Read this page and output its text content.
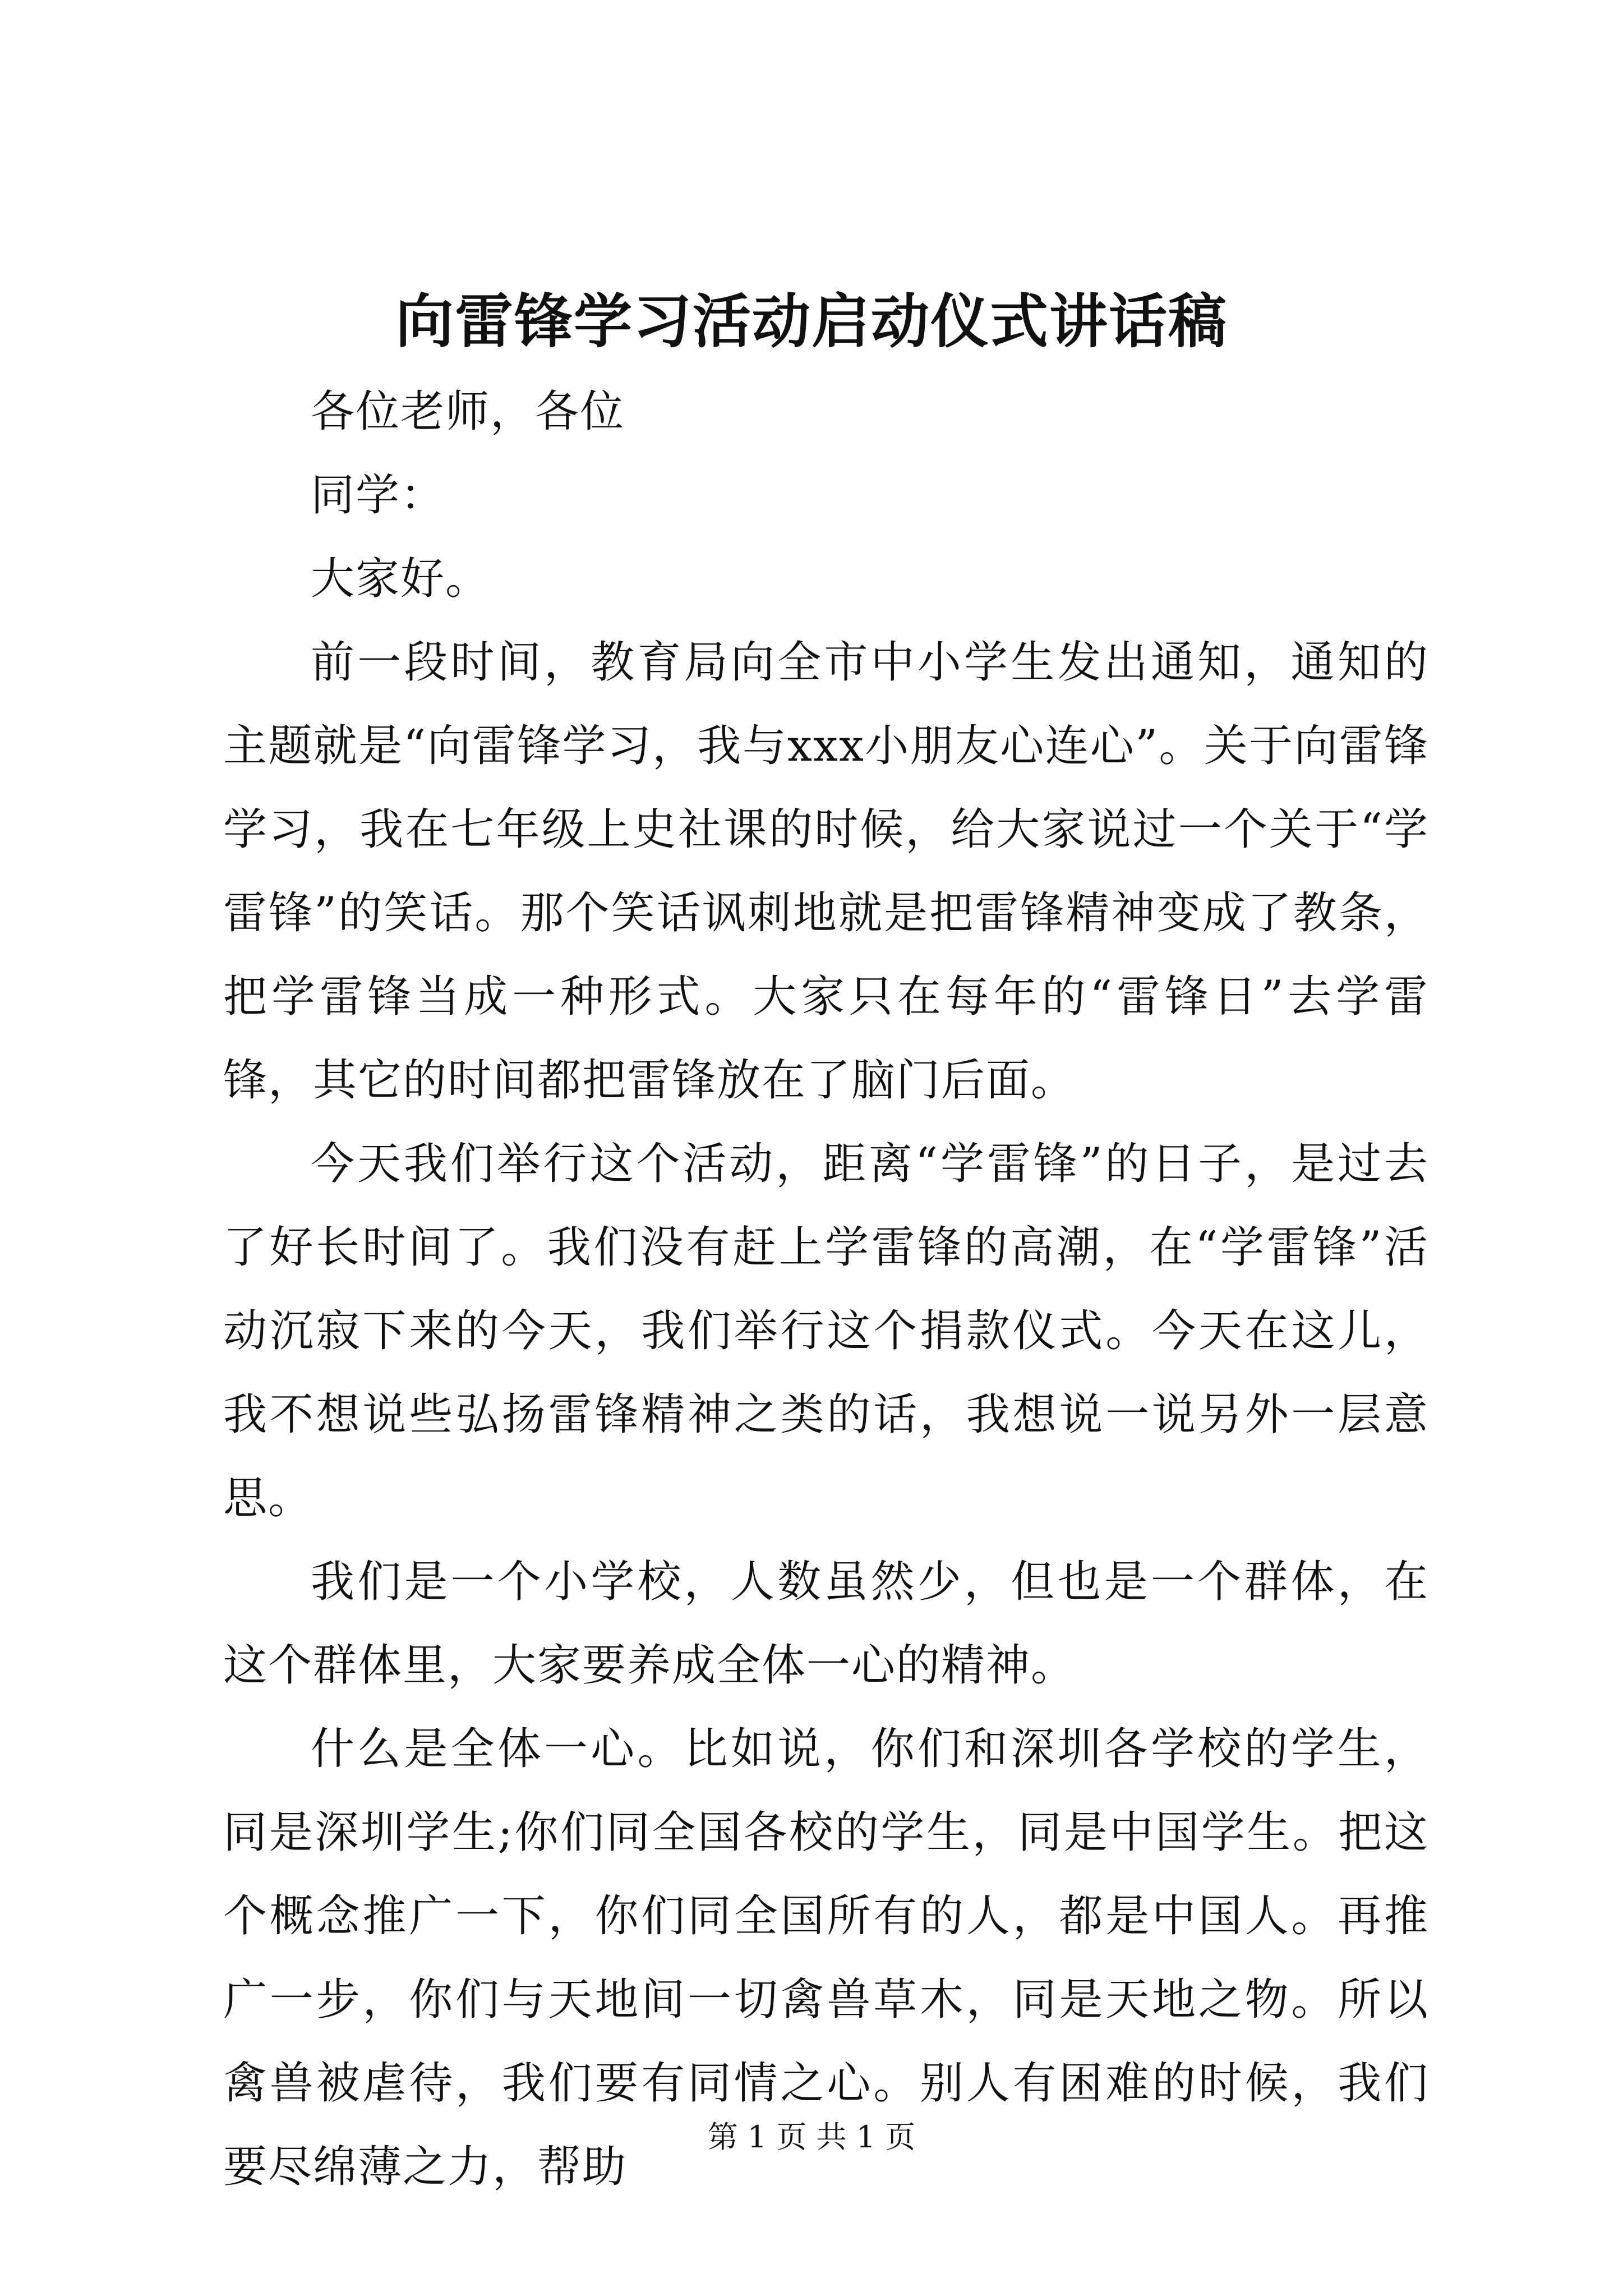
向雷锋学习活动启动仪式讲话稿

各位老师，各位

同学：

大家好。

前一段时间，教育局向全市中小学生发出通知，通知的主题就是“向雷锋学习，我与xxx小朋友心连心”。关于向雷锋学习，我在七年级上史社课的时候，给大家说过一个关于“学雷锋”的笑话。那个笑话讽刺地就是把雷锋精神变成了教条，把学雷锋当成一种形式。大家只在每年的“雷锋日”去学雷锋，其它的时间都把雷锋放在了脑门后面。

今天我们举行这个活动，距离“学雷锋”的日子，是过去了好长时间了。我们没有赶上学雷锋的高潮，在“学雷锋”活动沉寂下来的今天，我们举行这个捐款仪式。今天在这儿，我不想说些弘扬雷锋精神之类的话，我想说一说另外一层意思。

我们是一个小学校，人数虽然少，但也是一个群体，在这个群体里，大家要养成全体一心的精神。

什么是全体一心。比如说，你们和深圳各学校的学生，同是深圳学生;你们同全国各校的学生，同是中国学生。把这个概念推广一下，你们同全国所有的人，都是中国人。再推广一步，你们与天地间一切禽兽草木，同是天地之物。所以禽兽被虐待，我们要有同情之心。别人有困难的时候，我们要尽绵薄之力，帮助

第 1 页 共 1 页
